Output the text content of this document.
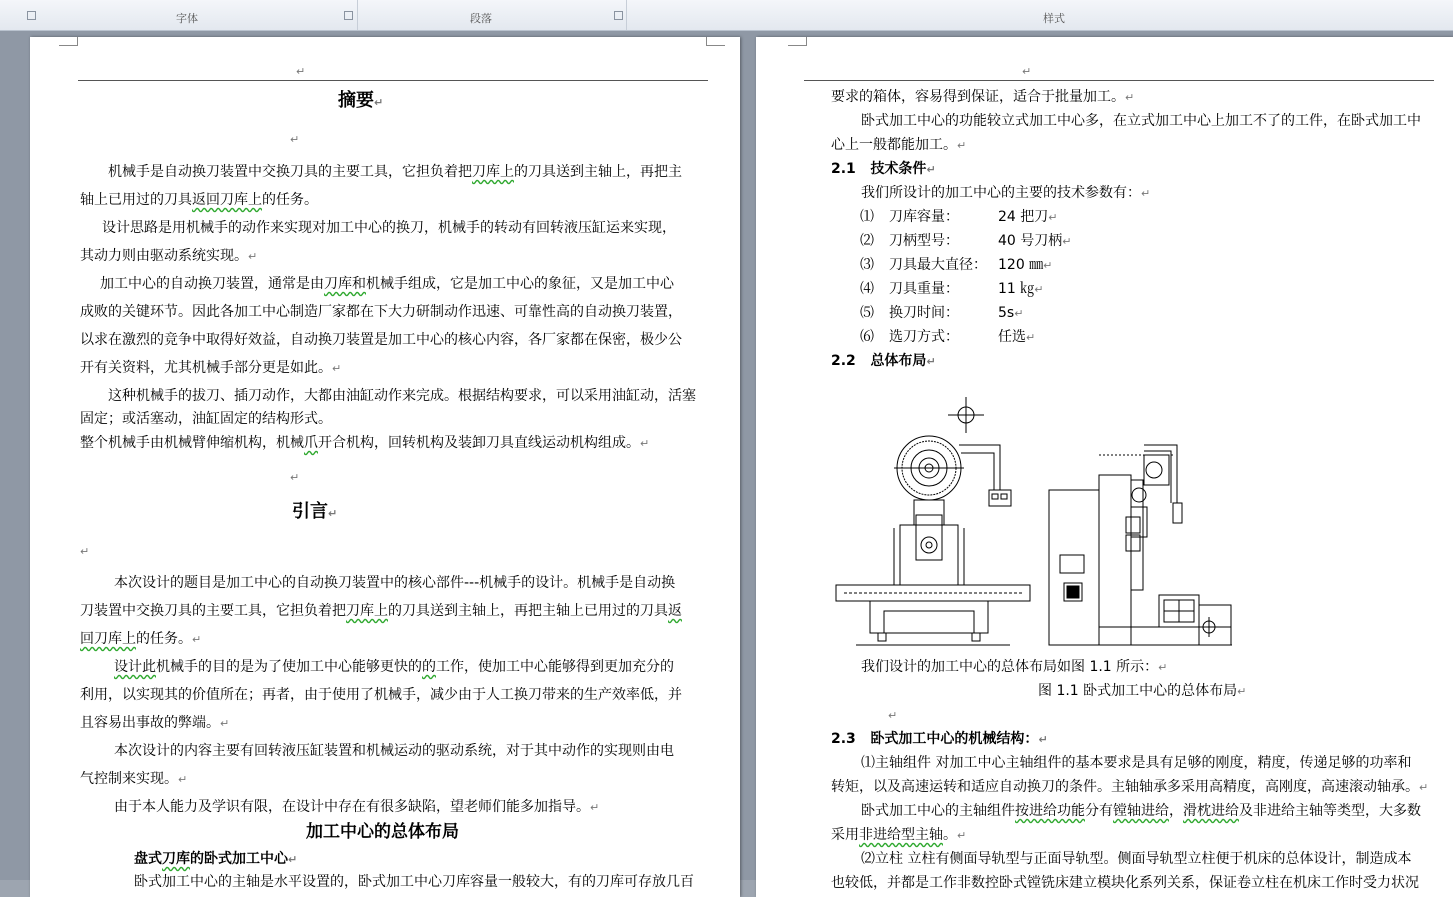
字体	段落	样式
↵
摘要↵
↵
机械手是自动换刀装置中交换刀具的主要工具，它担负着把刀库上的刀具送到主轴上，再把主
轴上已用过的刀具返回刀库上的任务。
设计思路是用机械手的动作来实现对加工中心的换刀，机械手的转动有回转液压缸运来实现，
其动力则由驱动系统实现。↵
加工中心的自动换刀装置，通常是由刀库和机械手组成，它是加工中心的象征，又是加工中心
成败的关键环节。因此各加工中心制造厂家都在下大力研制动作迅速、可靠性高的自动换刀装置，
以求在激烈的竞争中取得好效益，自动换刀装置是加工中心的核心内容，各厂家都在保密，极少公
开有关资料，尤其机械手部分更是如此。↵
这种机械手的拔刀、插刀动作，大都由油缸动作来完成。根据结构要求，可以采用油缸动，活塞
固定；或活塞动，油缸固定的结构形式。
整个机械手由机械臂伸缩机构，机械爪开合机构，回转机构及装卸刀具直线运动机构组成。↵
↵
引言↵
↵
本次设计的题目是加工中心的自动换刀装置中的核心部件---机械手的设计。机械手是自动换
刀装置中交换刀具的主要工具，它担负着把刀库上的刀具送到主轴上，再把主轴上已用过的刀具返
回刀库上的任务。↵
设计此机械手的目的是为了使加工中心能够更快的的工作，使加工中心能够得到更加充分的
利用，以实现其的价值所在；再者，由于使用了机械手，减少由于人工换刀带来的生产效率低，并
且容易出事故的弊端。↵
本次设计的内容主要有回转液压缸装置和机械运动的驱动系统，对于其中动作的实现则由电
气控制来实现。↵
由于本人能力及学识有限，在设计中存在有很多缺陷，望老师们能多加指导。↵
加工中心的总体布局
盘式刀库的卧式加工中心↵
卧式加工中心的主轴是水平设置的，卧式加工中心刀库容量一般较大，有的刀库可存放几百
↵
要求的箱体，容易得到保证，适合于批量加工。↵
卧式加工中心的功能较立式加工中心多，在立式加工中心上加工不了的工件，在卧式加工中
心上一般都能加工。↵
2.1 技术条件↵
我们所设计的加工中心的主要的技术参数有：↵
⑴ 刀库容量：	24 把刀↵
⑵ 刀柄型号：	40 号刀柄↵
⑶ 刀具最大直径： 120 ㎜↵
⑷ 刀具重量：	11 ㎏↵
⑸ 换刀时间：	5s↵
⑹ 选刀方式：	任选↵
2.2 总体布局↵
我们设计的加工中心的总体布局如图 1.1 所示：↵
图 1.1 卧式加工中心的总体布局↵
↵
2.3 卧式加工中心的机械结构：↵
⑴主轴组件 对加工中心主轴组件的基本要求是具有足够的刚度，精度，传递足够的功率和
转矩，以及高速运转和适应自动换刀的条件。主轴轴承多采用高精度，高刚度，高速滚动轴承。↵
卧式加工中心的主轴组件按进给功能分有镗轴进给，滑枕进给及非进给主轴等类型，大多数
采用非进给型主轴。↵
⑵立柱 立柱有侧面导轨型与正面导轨型。侧面导轨型立柱便于机床的总体设计，制造成本
也较低，并都是工作非数控卧式镗铣床建立模块化系列关系，保证卷立柱在机床工作时受力状况
